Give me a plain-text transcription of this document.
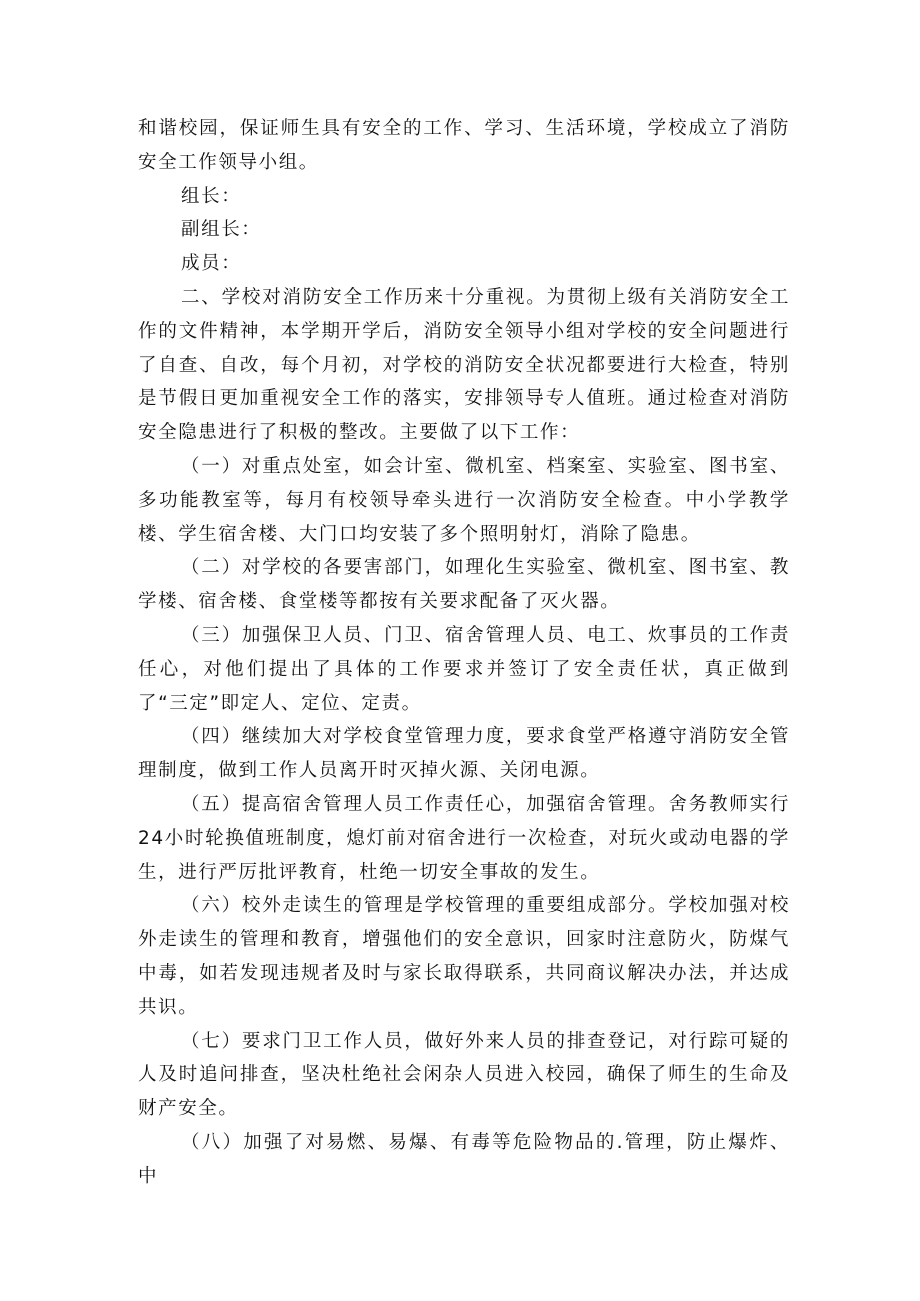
和谐校园，保证师生具有安全的工作、学习、生活环境，学校成立了消防安全工作领导小组。

组长：

副组长：

成员：

二、学校对消防安全工作历来十分重视。为贯彻上级有关消防安全工作的文件精神，本学期开学后，消防安全领导小组对学校的安全问题进行了自查、自改，每个月初，对学校的消防安全状况都要进行大检查，特别是节假日更加重视安全工作的落实，安排领导专人值班。通过检查对消防安全隐患进行了积极的整改。主要做了以下工作：

（一）对重点处室，如会计室、微机室、档案室、实验室、图书室、多功能教室等，每月有校领导牵头进行一次消防安全检查。中小学教学楼、学生宿舍楼、大门口均安装了多个照明射灯，消除了隐患。

（二）对学校的各要害部门，如理化生实验室、微机室、图书室、教学楼、宿舍楼、食堂楼等都按有关要求配备了灭火器。

（三）加强保卫人员、门卫、宿舍管理人员、电工、炊事员的工作责任心，对他们提出了具体的工作要求并签订了安全责任状，真正做到了“三定”即定人、定位、定责。

（四）继续加大对学校食堂管理力度，要求食堂严格遵守消防安全管理制度，做到工作人员离开时灭掉火源、关闭电源。

（五）提高宿舍管理人员工作责任心，加强宿舍管理。舍务教师实行24小时轮换值班制度，熄灯前对宿舍进行一次检查，对玩火或动电器的学生，进行严厉批评教育，杜绝一切安全事故的发生。

（六）校外走读生的管理是学校管理的重要组成部分。学校加强对校外走读生的管理和教育，增强他们的安全意识，回家时注意防火，防煤气中毒，如若发现违规者及时与家长取得联系，共同商议解决办法，并达成共识。

（七）要求门卫工作人员，做好外来人员的排查登记，对行踪可疑的人及时追问排查，坚决杜绝社会闲杂人员进入校园，确保了师生的生命及财产安全。

（八）加强了对易燃、易爆、有毒等危险物品的.管理，防止爆炸、中
